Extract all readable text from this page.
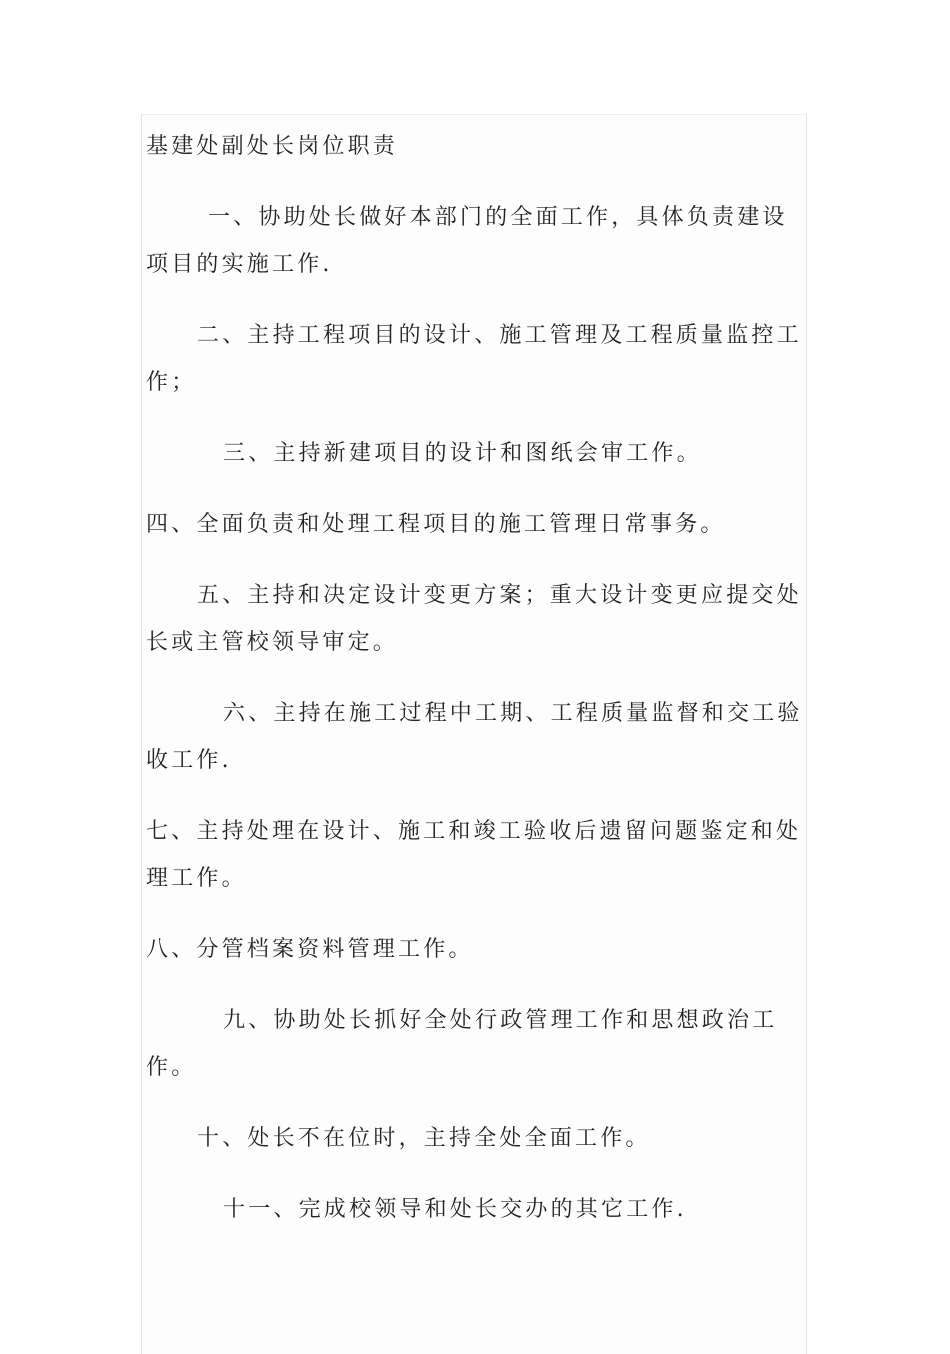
基建处副处长岗位职责

一、协助处长做好本部门的全面工作，具体负责建设项目的实施工作.

二、主持工程项目的设计、施工管理及工程质量监控工作；

三、主持新建项目的设计和图纸会审工作。

四、全面负责和处理工程项目的施工管理日常事务。

五、主持和决定设计变更方案；重大设计变更应提交处长或主管校领导审定。

六、主持在施工过程中工期、工程质量监督和交工验收工作.

七、主持处理在设计、施工和竣工验收后遗留问题鉴定和处理工作。

八、分管档案资料管理工作。

九、协助处长抓好全处行政管理工作和思想政治工作。

十、处长不在位时，主持全处全面工作。

十一、完成校领导和处长交办的其它工作.
